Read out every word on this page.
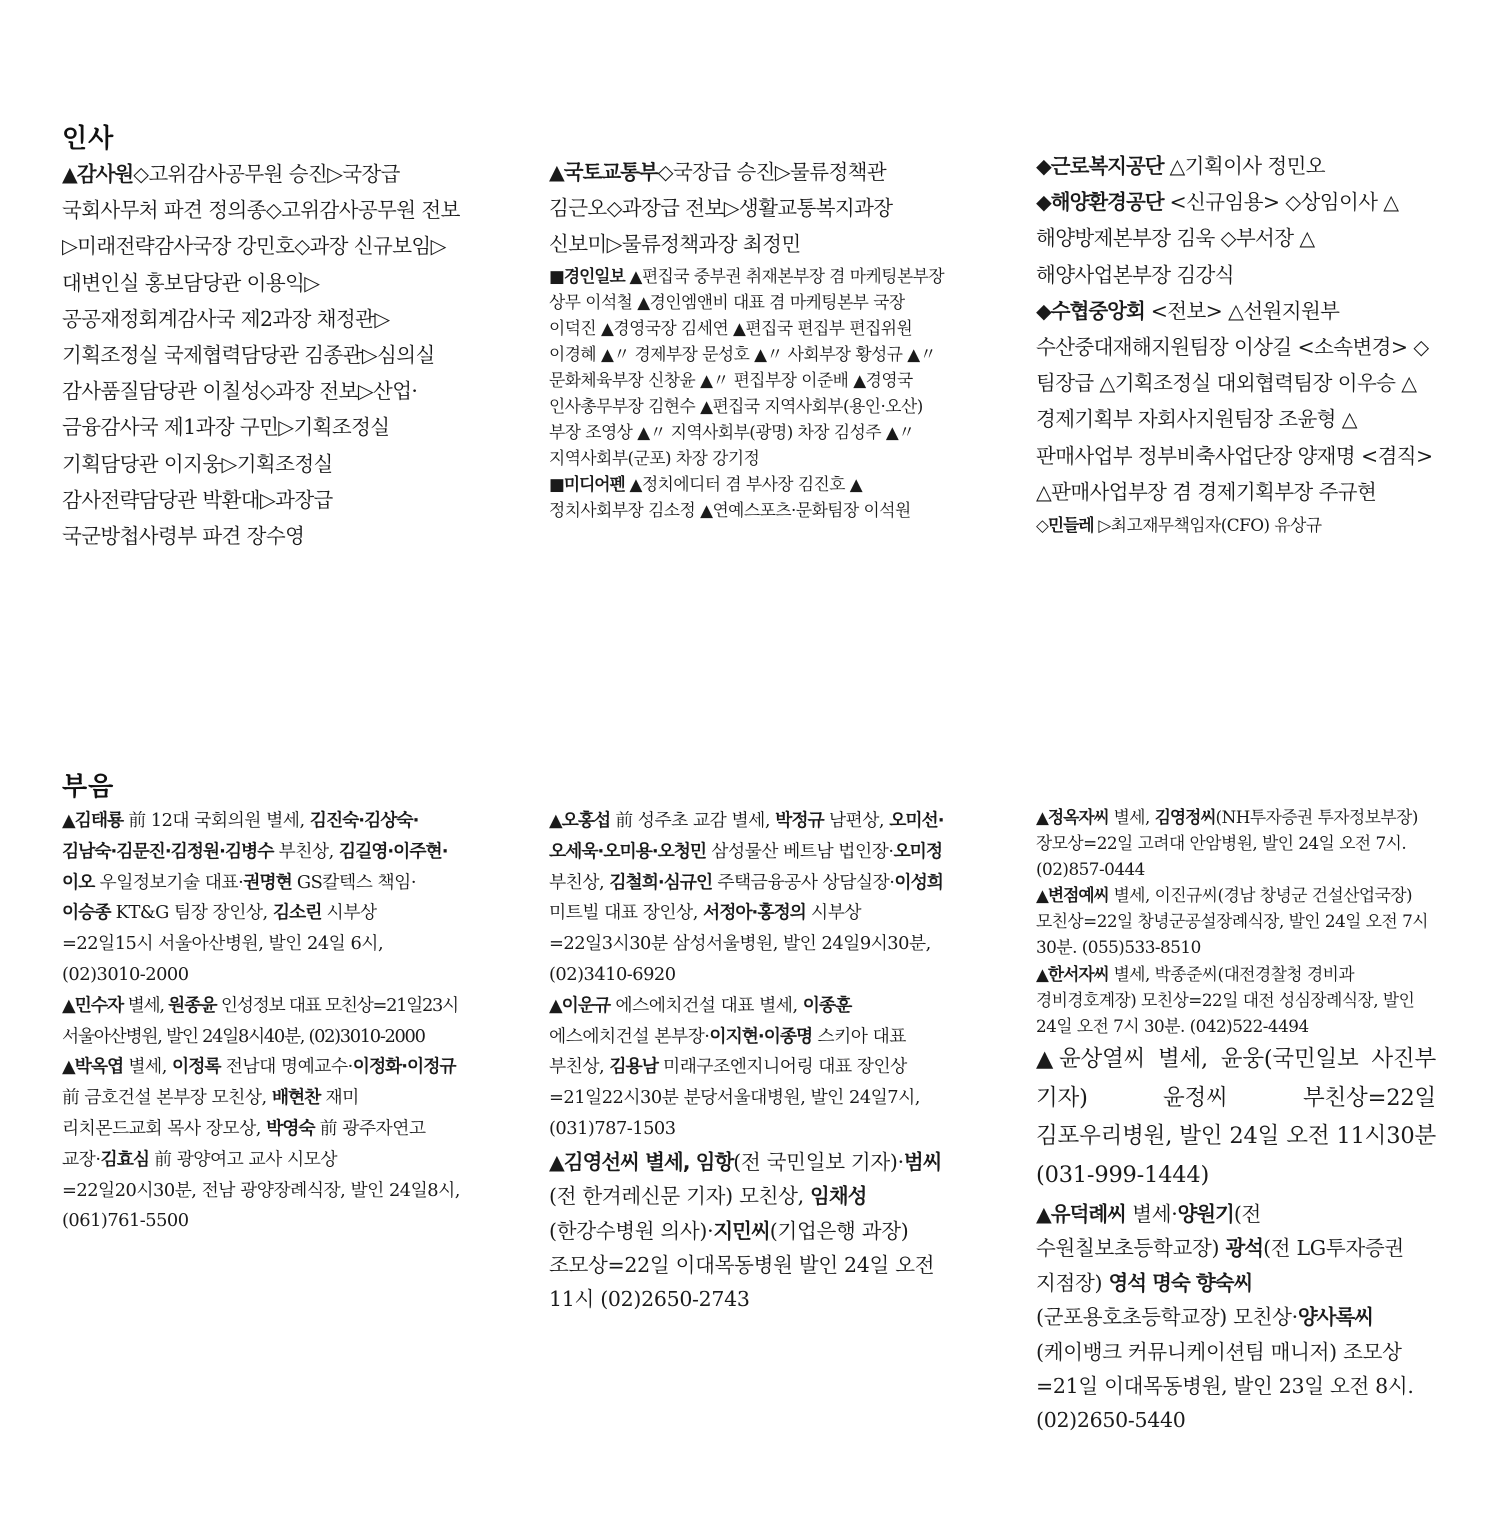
인사

▲감사원◇고위감사공무원 승진▷국장급 국회사무처 파견 정의종◇고위감사공무원 전보▷미래전략감사국장 강민호◇과장 신규보임▷대변인실 홍보담당관 이용익▷공공재정회계감사국 제2과장 채정관▷기획조정실 국제협력담당관 김종관▷심의실 감사품질담당관 이칠성◇과장 전보▷산업·금융감사국 제1과장 구민▷기획조정실 기획담당관 이지웅▷기획조정실 감사전략담당관 박환대▷과장급 국군방첩사령부 파견 장수영

▲국토교통부◇국장급 승진▷물류정책관 김근오◇과장급 전보▷생활교통복지과장 신보미▷물류정책과장 최정민

■경인일보 ▲편집국 중부권 취재본부장 겸 마케팅본부장 상무 이석철 ▲경인엠앤비 대표 겸 마케팅본부 국장 이덕진 ▲경영국장 김세연 ▲편집국 편집부 편집위원 이경혜 ▲〃 경제부장 문성호 ▲〃 사회부장 황성규 ▲〃 문화체육부장 신창윤 ▲〃 편집부장 이준배 ▲경영국 인사총무부장 김현수 ▲편집국 지역사회부(용인·오산) 부장 조영상 ▲〃 지역사회부(광명) 차장 김성주 ▲〃 지역사회부(군포) 차장 강기정

■미디어펜 ▲정치에디터 겸 부사장 김진호 ▲정치사회부장 김소정 ▲연예스포츠·문화팀장 이석원

◆근로복지공단 △기획이사 정민오

◆해양환경공단 <신규임용> ◇상임이사 △해양방제본부장 김욱 ◇부서장 △해양사업본부장 김강식

◆수협중앙회 <전보> △선원지원부 수산중대재해지원팀장 이상길 <소속변경> ◇팀장급 △기획조정실 대외협력팀장 이우승 △경제기획부 자회사지원팀장 조윤형 △판매사업부 정부비축사업단장 양재명 <겸직> △판매사업부장 겸 경제기획부장 주규현

◇민들레 ▷최고재무책임자(CFO) 유상규

부음

▲김태룡 前 12대 국회의원 별세, 김진숙·김상숙·김남숙·김문진·김정원·김병수 부친상, 김길영·이주현·이오 우일정보기술 대표·권명현 GS칼텍스 책임·이승종 KT&G 팀장 장인상, 김소린 시부상=22일15시 서울아산병원, 발인 24일 6시, (02)3010-2000

▲민수자 별세, 원종윤 인성정보 대표 모친상=21일23시 서울아산병원, 발인 24일8시40분, (02)3010-2000

▲박옥엽 별세, 이정록 전남대 명예교수·이정화·이정규 前 금호건설 본부장 모친상, 배현찬 재미 리치몬드교회 목사 장모상, 박영숙 前 광주자연고 교장·김효심 前 광양여고 교사 시모상=22일20시30분, 전남 광양장례식장, 발인 24일8시, (061)761-5500

▲오홍섭 前 성주초 교감 별세, 박정규 남편상, 오미선·오세욱·오미용·오청민 삼성물산 베트남 법인장·오미정 부친상, 김철희·심규인 주택금융공사 상담실장·이성희 미트빌 대표 장인상, 서정아·홍정의 시부상=22일3시30분 삼성서울병원, 발인 24일9시30분, (02)3410-6920

▲이운규 에스에치건설 대표 별세, 이종훈 에스에치건설 본부장·이지현·이종명 스키아 대표 부친상, 김용남 미래구조엔지니어링 대표 장인상=21일22시30분 분당서울대병원, 발인 24일7시, (031)787-1503

▲김영선씨 별세, 임항(전 국민일보 기자)·범씨(전 한겨레신문 기자) 모친상, 임채성(한강수병원 의사)·지민씨(기업은행 과장) 조모상=22일 이대목동병원 발인 24일 오전 11시 (02)2650-2743

▲정옥자씨 별세, 김영정씨(NH투자증권 투자정보부장) 장모상=22일 고려대 안암병원, 발인 24일 오전 7시. (02)857-0444

▲변점예씨 별세, 이진규씨(경남 창녕군 건설산업국장) 모친상=22일 창녕군공설장례식장, 발인 24일 오전 7시 30분. (055)533-8510

▲한서자씨 별세, 박종준씨(대전경찰청 경비과 경비경호계장) 모친상=22일 대전 성심장례식장, 발인 24일 오전 7시 30분. (042)522-4494

▲윤상열씨 별세, 윤웅(국민일보 사진부 기자) 윤정씨 부친상=22일 김포우리병원, 발인 24일 오전 11시30분 (031-999-1444)

▲유덕례씨 별세·양원기(전 수원칠보초등학교장) 광석(전 LG투자증권 지점장) 영석 명숙 향숙씨(군포용호초등학교장) 모친상·양사록씨(케이뱅크 커뮤니케이션팀 매니저) 조모상=21일 이대목동병원, 발인 23일 오전 8시. (02)2650-5440
